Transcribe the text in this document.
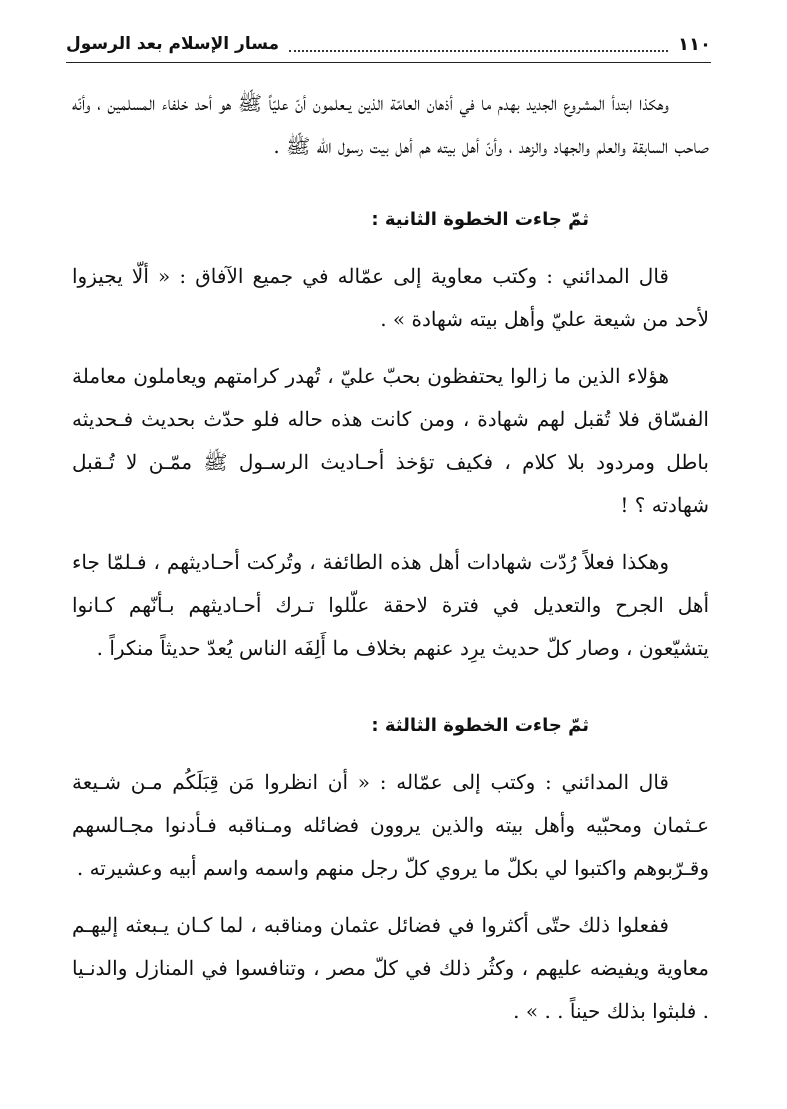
١١٠
مسار الإسلام بعد الرسول

وهكذا ابتدأ المشروع الجديد بهدم ما في أذهان العامّة الذين يـعلمون أنّ عليّاً ﷺ هو أحد خلفاء المسلمين ، وأنّه صاحب السابقة والعلم والجهاد والزهد ، وأنّ أهل بيته هم أهل بيت رسول الله ﷺ .

ثمّ جاءت الخطوة الثانية :

قال المدائني : وكتب معاوية إلى عمّاله في جميع الآفاق : « ألّا يجيزوا لأحد من شيعة عليّ وأهل بيته شهادة » .

هؤلاء الذين ما زالوا يحتفظون بحبّ عليّ ، تُهدر كرامتهم ويعاملون معاملة الفسّاق فلا تُقبل لهم شهادة ، ومن كانت هذه حاله فلو حدّث بحديث فـحديثه باطل ومردود بلا كلام ، فكيف تؤخذ أحـاديث الرسـول ﷺ ممّـن لا تُـقبل شهادته ؟ !

وهكذا فعلاً رُدّت شهادات أهل هذه الطائفة ، وتُركت أحـاديثهم ، فـلمّا جاء أهل الجرح والتعديل في فترة لاحقة علّلوا تـرك أحـاديثهم بـأنّهم كـانوا يتشيّعون ، وصار كلّ حديث يرِد عنهم بخلاف ما أَلِفَه الناس يُعدّ حديثاً منكراً .

ثمّ جاءت الخطوة الثالثة :

قال المدائني : وكتب إلى عمّاله : « أن انظروا مَن قِبَلَكُم مـن شـيعة عـثمان ومحبّيه وأهل بيته والذين يروون فضائله ومـناقبه فـأدنوا مجـالسهم وقـرّبوهم واكتبوا لي بكلّ ما يروي كلّ رجل منهم واسمه واسم أبيه وعشيرته .

ففعلوا ذلك حتّى أكثروا في فضائل عثمان ومناقبه ، لما كـان يـبعثه إليهـم معاوية ويفيضه عليهم ، وكثُر ذلك في كلّ مصر ، وتنافسوا في المنازل والدنـيا . فلبثوا بذلك حيناً . . » .
